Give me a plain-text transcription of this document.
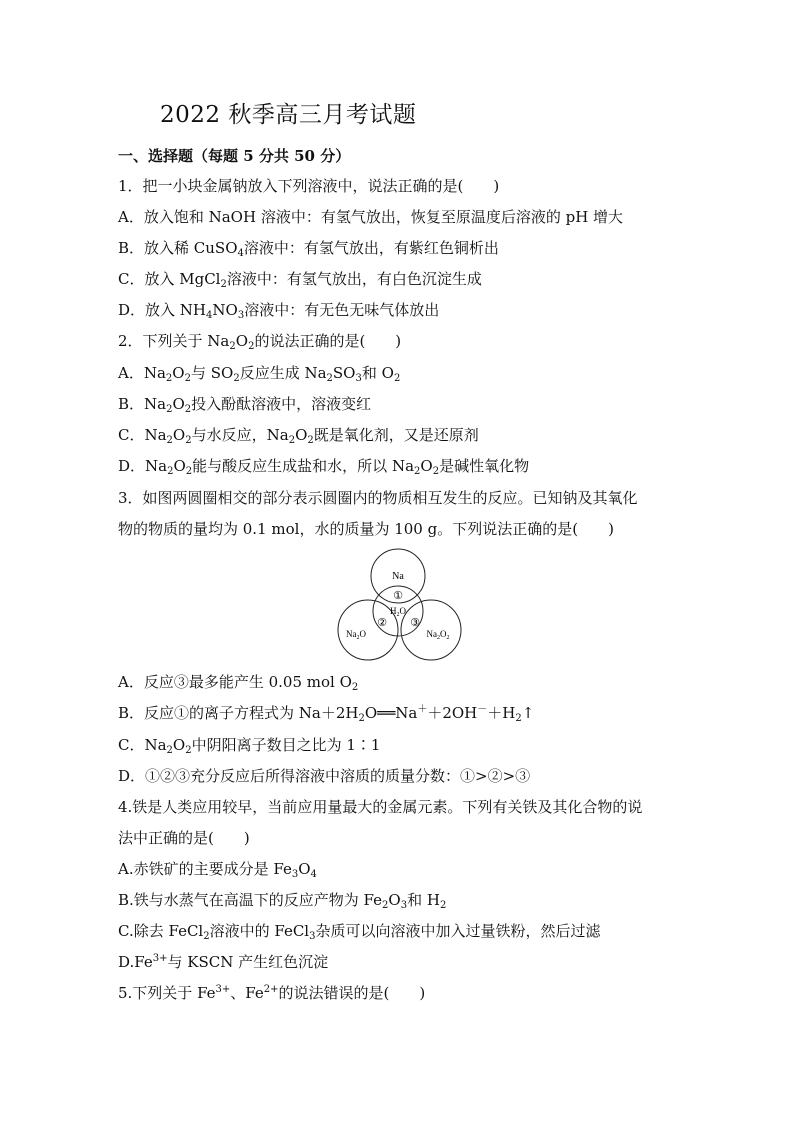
2022 秋季高三月考试题
一、选择题（每题 5 分共 50 分）
1．把一小块金属钠放入下列溶液中，说法正确的是(　　)
A．放入饱和 NaOH 溶液中：有氢气放出，恢复至原温度后溶液的 pH 增大
B．放入稀 CuSO$_4$溶液中：有氢气放出，有紫红色铜析出
C．放入 MgCl$_2$溶液中：有氢气放出，有白色沉淀生成
D．放入 $NH_4NO_3$溶液中：有无色无味气体放出
2．下列关于 $Na_2O_2$的说法正确的是(　　)
A．$Na_2O_2$与 $SO_2$反应生成 $Na_2SO_3$和 $O_2$
B．$Na_2O_2$投入酚酞溶液中，溶液变红
C．$Na_2O_2$与水反应，$Na_2O_2$既是氧化剂，又是还原剂
D．$Na_2O_2$能与酸反应生成盐和水，所以 $Na_2O_2$是碱性氧化物
3．如图两圆圈相交的部分表示圆圈内的物质相互发生的反应。已知钠及其氧化
物的物质的量均为 0.1 mol，水的质量为 100 g。下列说法正确的是(　　)
Na
①
$H_2O$
② ③
$Na_2O$	$Na_2O_2$
A．反应③最多能产生 0.05 mol $O_2$
B．反应①的离子方程式为 $Na+2H_2O══Na^++2OH^-+H_2↑$
C．$Na_2O_2$中阴阳离子数目之比为 1∶1
D．①②③充分反应后所得溶液中溶质的质量分数：①>②>③
4.铁是人类应用较早，当前应用量最大的金属元素。下列有关铁及其化合物的说
法中正确的是(　　)
A.赤铁矿的主要成分是 $Fe_3O_4$
B.铁与水蒸气在高温下的反应产物为 $Fe_2O_3$和 $H_2$
C.除去 FeCl$_2$溶液中的 FeCl$_3$杂质可以向溶液中加入过量铁粉，然后过滤
$D.Fe^{3+}$与 KSCN 产生红色沉淀
5.下列关于 $Fe^{3+}$、$Fe^{2+}$的说法错误的是(　　)
